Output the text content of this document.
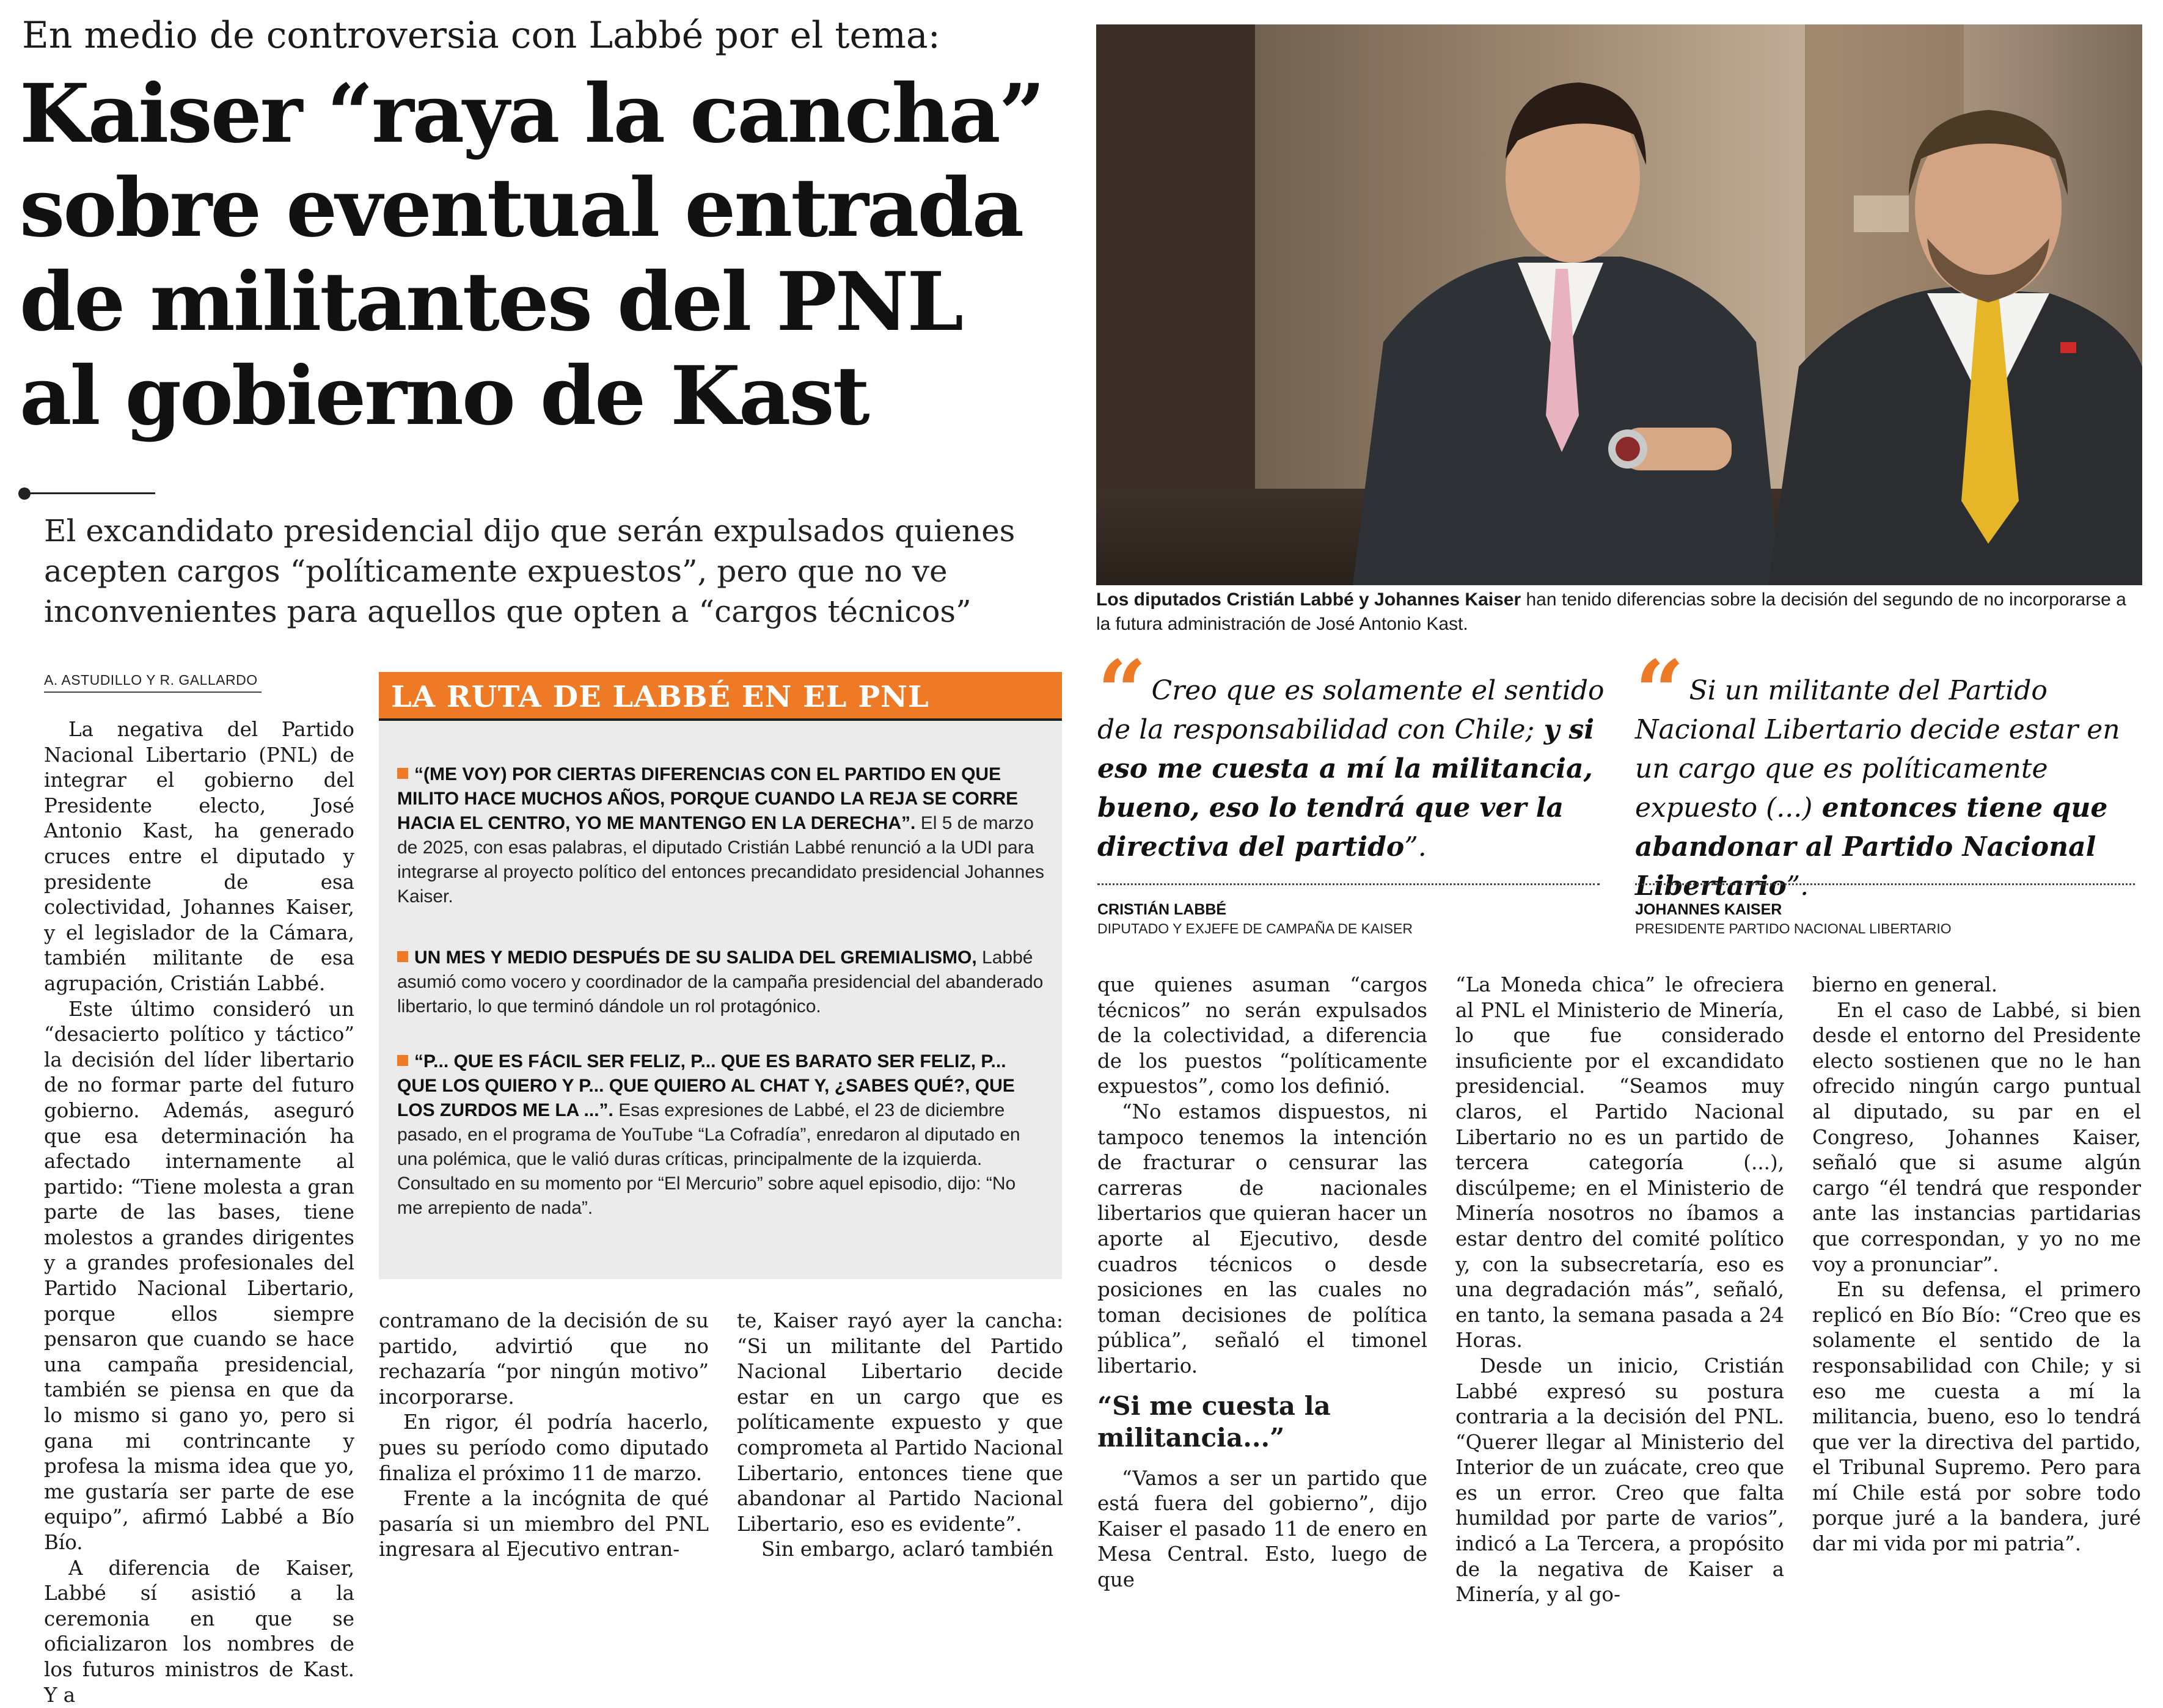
En medio de controversia con Labbé por el tema:
Kaiser “raya la cancha”
sobre eventual entrada
de militantes del PNL
al gobierno de Kast
El excandidato presidencial dijo que serán expulsados quienes
acepten cargos “políticamente expuestos”, pero que no ve
inconvenientes para aquellos que opten a “cargos técnicos”	Los diputados Cristián Labbé y Johannes Kaiser han tenido diferencias sobre la decisión del segundo de no incorporarse a la futura administración de José Antonio Kast.
A. ASTUDILLO Y R. GALLARDO

La negativa del Partido Nacional Libertario (PNL) de integrar el gobierno del Presidente electo, José Antonio Kast, ha generado cruces entre el diputado y presidente de esa colectividad, Johannes Kaiser, y el legislador de la Cámara, también militante de esa agrupación, Cristián Labbé.

Este último consideró un “desacierto político y táctico” la decisión del líder libertario de no formar parte del futuro gobierno. Además, aseguró que esa determinación ha afectado internamente al partido: “Tiene molesta a gran parte de las bases, tiene molestos a grandes dirigentes y a grandes profesionales del Partido Nacional Libertario, porque ellos siempre pensaron que cuando se hace una campaña presidencial, también se piensa en que da lo mismo si gano yo, pero si gana mi contrincante y profesa la misma idea que yo, me gustaría ser parte de ese equipo”, afirmó Labbé a Bío Bío.

A diferencia de Kaiser, Labbé sí asistió a la ceremonia en que se oficializaron los nombres de los futuros ministros de Kast. Y a

LA RUTA DE LABBÉ EN EL PNL
“(ME VOY) POR CIERTAS DIFERENCIAS CON EL PARTIDO EN QUE MILITO HACE MUCHOS AÑOS, PORQUE CUANDO LA REJA SE CORRE HACIA EL CENTRO, YO ME MANTENGO EN LA DERECHA”. El 5 de marzo de 2025, con esas palabras, el diputado Cristián Labbé renunció a la UDI para integrarse al proyecto político del entonces precandidato presidencial Johannes Kaiser.
UN MES Y MEDIO DESPUÉS DE SU SALIDA DEL GREMIALISMO, Labbé asumió como vocero y coordinador de la campaña presidencial del abanderado libertario, lo que terminó dándole un rol protagónico.
“P... QUE ES FÁCIL SER FELIZ, P... QUE ES BARATO SER FELIZ, P... QUE LOS QUIERO Y P... QUE QUIERO AL CHAT Y, ¿SABES QUÉ?, QUE LOS ZURDOS ME LA ...”. Esas expresiones de Labbé, el 23 de diciembre pasado, en el programa de YouTube “La Cofradía”, enredaron al diputado en una polémica, que le valió duras críticas, principalmente de la izquierda. Consultado en su momento por “El Mercurio” sobre aquel episodio, dijo: “No me arrepiento de nada”.

contramano de la decisión de su partido, advirtió que no rechazaría “por ningún motivo” incorporarse.

En rigor, él podría hacerlo, pues su período como diputado finaliza el próximo 11 de marzo.

Frente a la incógnita de qué pasaría si un miembro del PNL ingresara al Ejecutivo entran-

te, Kaiser rayó ayer la cancha: “Si un militante del Partido Nacional Libertario decide estar en un cargo que es políticamente expuesto y que comprometa al Partido Nacional Libertario, entonces tiene que abandonar al Partido Nacional Libertario, eso es evidente”.

Sin embargo, aclaró también

“ Creo que es solamente el sentido de la responsabilidad con Chile; y si eso me cuesta a mí la militancia, bueno, eso lo tendrá que ver la directiva del partido”.
CRISTIÁN LABBÉ
DIPUTADO Y EXJEFE DE CAMPAÑA DE KAISER
“ Si un militante del Partido Nacional Libertario decide estar en un cargo que es políticamente expuesto (...) entonces tiene que abandonar al Partido Nacional Libertario”.
JOHANNES KAISER
PRESIDENTE PARTIDO NACIONAL LIBERTARIO

que quienes asuman “cargos técnicos” no serán expulsados de la colectividad, a diferencia de los puestos “políticamente expuestos”, como los definió.

“No estamos dispuestos, ni tampoco tenemos la intención de fracturar o censurar las carreras de nacionales libertarios que quieran hacer un aporte al Ejecutivo, desde cuadros técnicos o desde posiciones en las cuales no toman decisiones de política pública”, señaló el timonel libertario.

“Si me cuesta la militancia...”

“Vamos a ser un partido que está fuera del gobierno”, dijo Kaiser el pasado 11 de enero en Mesa Central. Esto, luego de que

“La Moneda chica” le ofreciera al PNL el Ministerio de Minería, lo que fue considerado insuficiente por el excandidato presidencial. “Seamos muy claros, el Partido Nacional Libertario no es un partido de tercera categoría (...), discúlpeme; en el Ministerio de Minería nosotros no íbamos a estar dentro del comité político y, con la subsecretaría, eso es una degradación más”, señaló, en tanto, la semana pasada a 24 Horas.

Desde un inicio, Cristián Labbé expresó su postura contraria a la decisión del PNL. “Querer llegar al Ministerio del Interior de un zuácate, creo que es un error. Creo que falta humildad por parte de varios”, indicó a La Tercera, a propósito de la negativa de Kaiser a Minería, y al go-

bierno en general.

En el caso de Labbé, si bien desde el entorno del Presidente electo sostienen que no le han ofrecido ningún cargo puntual al diputado, su par en el Congreso, Johannes Kaiser, señaló que si asume algún cargo “él tendrá que responder ante las instancias partidarias que correspondan, y yo no me voy a pronunciar”.

En su defensa, el primero replicó en Bío Bío: “Creo que es solamente el sentido de la responsabilidad con Chile; y si eso me cuesta a mí la militancia, bueno, eso lo tendrá que ver la directiva del partido, el Tribunal Supremo. Pero para mí Chile está por sobre todo porque juré a la bandera, juré dar mi vida por mi patria”.
